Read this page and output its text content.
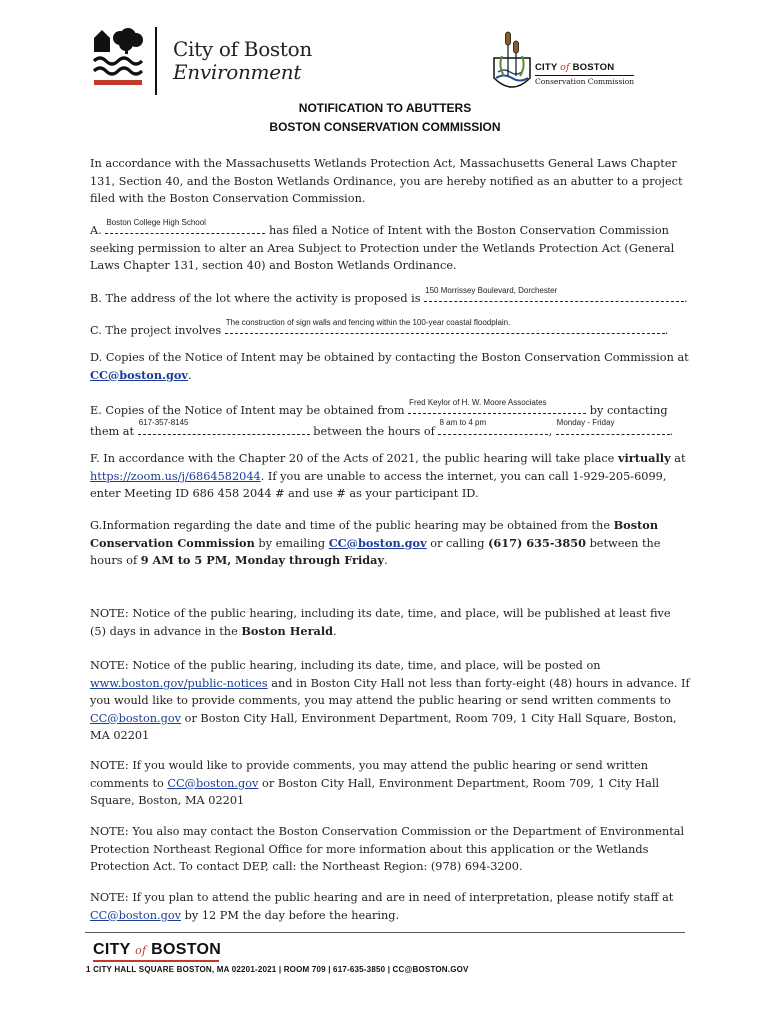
City of Boston
Environment	CITY of BOSTON
Conservation Commission
NOTIFICATION TO ABUTTERS
BOSTON CONSERVATION COMMISSION
In accordance with the Massachusetts Wetlands Protection Act, Massachusetts General Laws Chapter 131, Section 40, and the Boston Wetlands Ordinance, you are hereby notified as an abutter to a project filed with the Boston Conservation Commission.
A.
Boston College High School
has filed a Notice of Intent with the Boston Conservation Commission seeking permission to alter an Area Subject to Protection under the Wetlands Protection Act (General Laws Chapter 131, section 40) and Boston Wetlands Ordinance.
B. The address of the lot where the activity is proposed is
150 Morrissey Boulevard, Dorchester
.
C. The project involves
The construction of sign walls and fencing within the 100-year coastal floodplain.
.
D. Copies of the Notice of Intent may be obtained by contacting the Boston Conservation Commission at CC@boston.gov.
E. Copies of the Notice of Intent may be obtained from
Fred Keylor of H. W. Moore Associates
by contacting them at
617-357-8145
between the hours of
8 am to 4 pm
,
Monday - Friday
.
F. In accordance with the Chapter 20 of the Acts of 2021, the public hearing will take place virtually at https://zoom.us/j/6864582044. If you are unable to access the internet, you can call 1-929-205-6099, enter Meeting ID 686 458 2044 # and use # as your participant ID.
G.Information regarding the date and time of the public hearing may be obtained from the Boston Conservation Commission by emailing CC@boston.gov or calling (617) 635-3850 between the hours of 9 AM to 5 PM, Monday through Friday.
NOTE: Notice of the public hearing, including its date, time, and place, will be published at least five (5) days in advance in the Boston Herald.
NOTE: Notice of the public hearing, including its date, time, and place, will be posted on www.boston.gov/public-notices and in Boston City Hall not less than forty-eight (48) hours in advance. If you would like to provide comments, you may attend the public hearing or send written comments to CC@boston.gov or Boston City Hall, Environment Department, Room 709, 1 City Hall Square, Boston, MA 02201
NOTE: If you would like to provide comments, you may attend the public hearing or send written comments to CC@boston.gov or Boston City Hall, Environment Department, Room 709, 1 City Hall Square, Boston, MA 02201
NOTE: You also may contact the Boston Conservation Commission or the Department of Environmental Protection Northeast Regional Office for more information about this application or the Wetlands Protection Act. To contact DEP, call: the Northeast Region: (978) 694-3200.
NOTE: If you plan to attend the public hearing and are in need of interpretation, please notify staff at CC@boston.gov by 12 PM the day before the hearing.
CITY of BOSTON
1 CITY HALL SQUARE BOSTON, MA 02201-2021 | ROOM 709 | 617-635-3850 | CC@BOSTON.GOV
